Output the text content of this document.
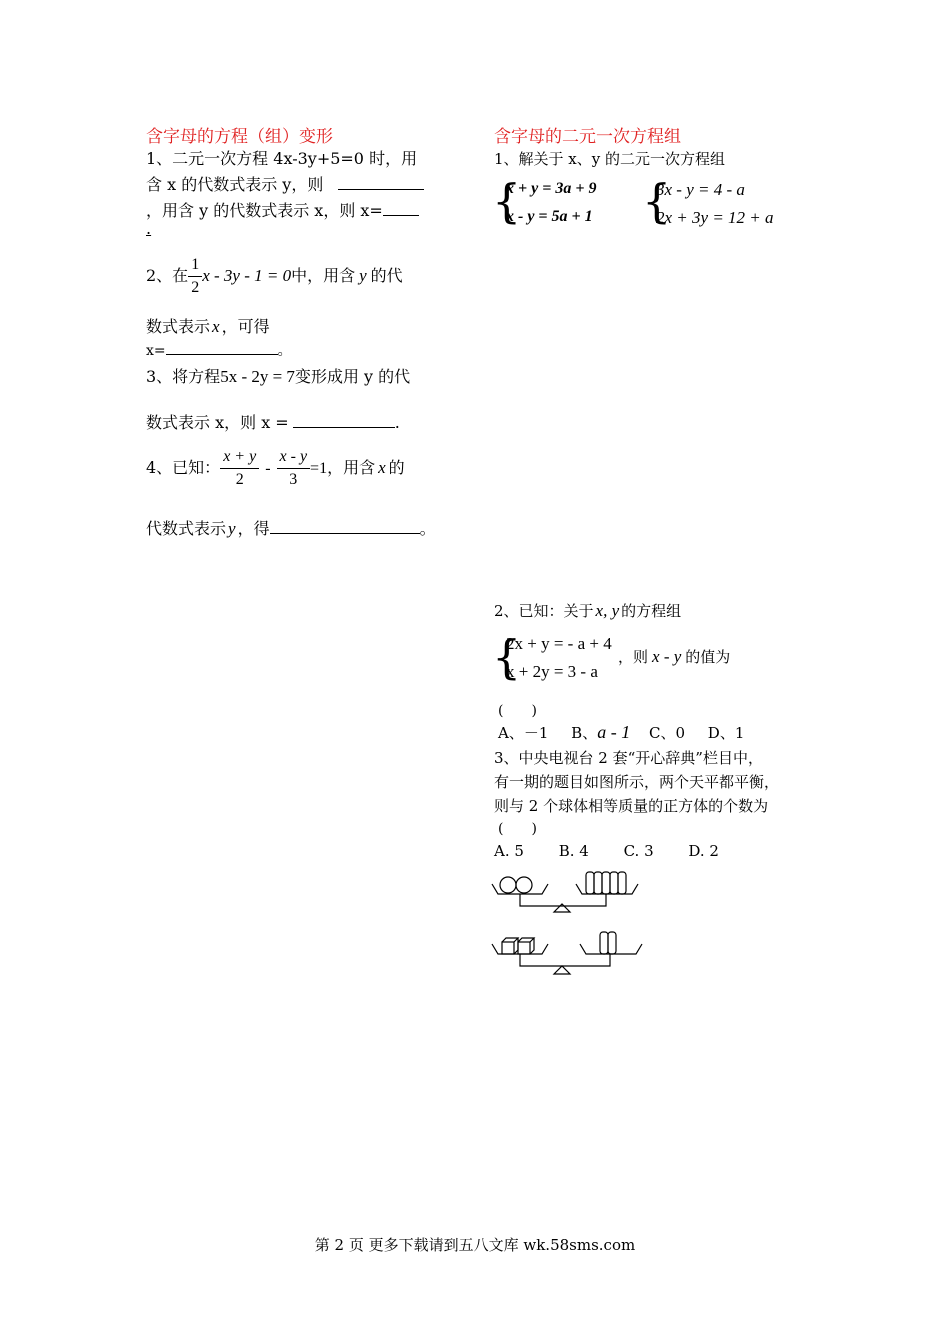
含字母的方程（组）变形
1、二元一次方程 4x-3y+5=0 时，用
含 x 的代数式表示 y，则
，用含 y 的代数式表示 x，则 x=
.
2、在 $\frac{1}{2}$ x - 3y - 1 = 0中，用含 y 的代
数式表示 x ，可得
x=	。
3、将方程5x - 2y = 7变形成用 y 的代
数式表示 x，则 x =	.
4、已知： $\frac{x + y}{2} - \frac{x - y}{3} =1$，用含 x 的
代数式表示 y ，得	。
含字母的二元一次方程组
1、解关于 x、y 的二元一次方程组
{
x + y = 3a + 9
x - y = 5a + 1 {
3x - y = 4 - a
2x + 3y = 12 + a
2、已知：关于 x, y 的方程组
{
2x + y = - a + 4
x + 2y = 3 - a
，则 x - y 的值为
(　　)
A、－1 B、a - 1 C、0 D、1
3、中央电视台 2 套“开心辞典”栏目中，
有一期的题目如图所示，两个天平都平衡，
则与 2 个球体相等质量的正方体的个数为
(　　)
A. 5 B. 4 C. 3 D. 2
第 2 页 更多下载请到五八文库 wk.58sms.com
